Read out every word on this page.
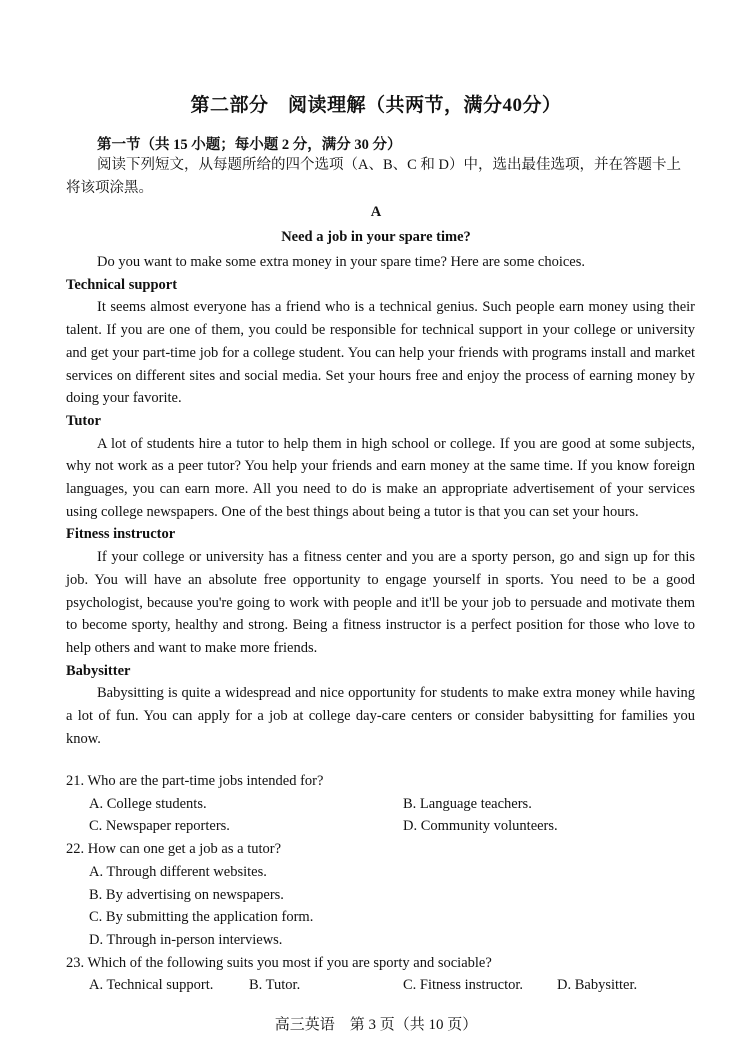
第二部分　阅读理解（共两节，满分40分）
第一节（共 15 小题；每小题 2 分，满分 30 分）
阅读下列短文，从每题所给的四个选项（A、B、C 和 D）中，选出最佳选项，并在答题卡上将该项涂黑。
A
Need a job in your spare time?

Do you want to make some extra money in your spare time? Here are some choices.

Technical support

It seems almost everyone has a friend who is a technical genius. Such people earn money using their talent. If you are one of them, you could be responsible for technical support in your college or university and get your part-time job for a college student. You can help your friends with programs install and market services on different sites and social media. Set your hours free and enjoy the process of earning money by doing your favorite.

Tutor

A lot of students hire a tutor to help them in high school or college. If you are good at some subjects, why not work as a peer tutor? You help your friends and earn money at the same time. If you know foreign languages, you can earn more. All you need to do is make an appropriate advertisement of your services using college newspapers. One of the best things about being a tutor is that you can set your hours.

Fitness instructor

If your college or university has a fitness center and you are a sporty person, go and sign up for this job. You will have an absolute free opportunity to engage yourself in sports. You need to be a good psychologist, because you're going to work with people and it'll be your job to persuade and motivate them to become sporty, healthy and strong. Being a fitness instructor is a perfect position for those who love to help others and want to make more friends.

Babysitter

Babysitting is quite a widespread and nice opportunity for students to make extra money while having a lot of fun. You can apply for a job at college day-care centers or consider babysitting for families you know.

21. Who are the part-time jobs intended for?
A. College students.	B. Language teachers.
C. Newspaper reporters.	D. Community volunteers.
22. How can one get a job as a tutor?
A. Through different websites.
B. By advertising on newspapers.
C. By submitting the application form.
D. Through in-person interviews.
23. Which of the following suits you most if you are sporty and sociable?
A. Technical support.	B. Tutor.	C. Fitness instructor.	D. Babysitter.
高三英语　第 3 页（共 10 页）
